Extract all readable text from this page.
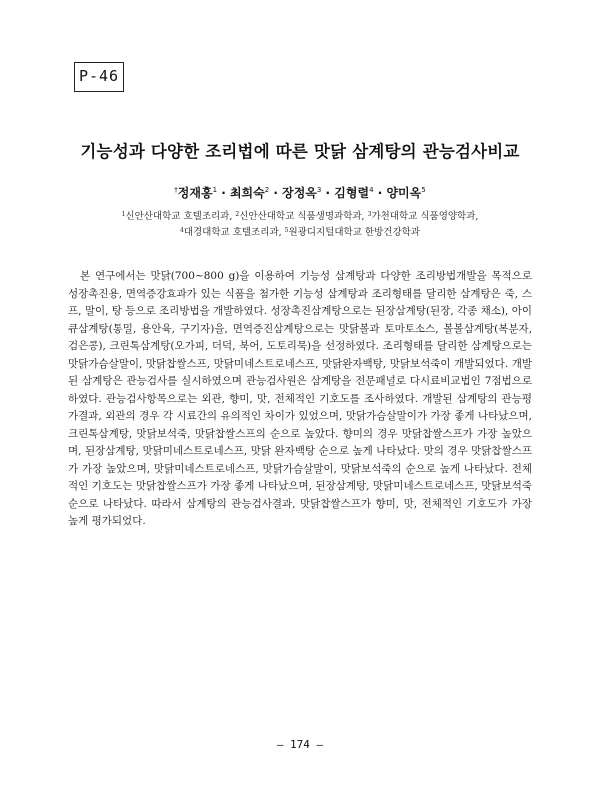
P-46
기능성과 다양한 조리법에 따른 맛닭 삼계탕의 관능검사비교
†정재홍$^1$ · 최희숙$^2$ · 장정옥$^3$ · 김형렬$^4$ · 양미옥$^5$
$^1$신안산대학교 호텔조리과, $^2$신안산대학교 식품생명과학과, $^3$가천대학교 식품영양학과,
$^4$대경대학교 호텔조리과, $^5$원광디지털대학교 한방건강학과
본 연구에서는 맛닭(700~800 g)을 이용하여 기능성 삼계탕과 다양한 조리방법개발을 목적으로 성장촉진용, 면역증강효과가 있는 식품을 첨가한 기능성 삼계탕과 조리형태를 달리한 삼계탕은 죽, 스프, 말이, 탕 등으로 조리방법을 개발하였다. 성장촉진삼계탕으로는 된장삼계탕(된장, 각종 채소), 아이큐삼계탕(통밀, 용안육, 구기자)을, 면역증진삼계탕으로는 맛닭볼과 토마토소스, 볼볼삼계탕(복분자, 검은콩), 크린톡삼계탕(오가피, 더덕, 북어, 도토리묵)을 선정하였다. 조리형태를 달리한 삼계탕으로는 맛닭가슴살말이, 맛닭찹쌀스프, 맛닭미네스트로네스프, 맛닭완자백탕, 맛닭보석죽이 개발되었다. 개발된 삼계탕은 관능검사를 실시하였으며 관능검사원은 삼계탕을 전문패널로 다시료비교법인 7점법으로 하였다. 관능검사항목으로는 외관, 향미, 맛, 전체적인 기호도를 조사하였다. 개발된 삼계탕의 관능평가결과, 외관의 경우 각 시료간의 유의적인 차이가 있었으며, 맛닭가슴살말이가 가장 좋게 나타났으며, 크린톡삼계탕, 맛닭보석죽, 맛닭찹쌀스프의 순으로 높았다. 향미의 경우 맛닭찹쌀스프가 가장 높았으며, 된장삼계탕, 맛닭미네스트로네스프, 맛닭 완자백탕 순으로 높게 나타났다. 맛의 경우 맛닭찹쌀스프가 가장 높았으며, 맛닭미네스트로네스프, 맛닭가슴살말이, 맛닭보석죽의 순으로 높게 나타났다. 전체적인 기호도는 맛닭찹쌀스프가 가장 좋게 나타났으며, 된장삼계탕, 맛닭미네스트로네스프, 맛닭보석죽 순으로 나타났다. 따라서 삼계탕의 관능검사결과, 맛닭찹쌀스프가 향미, 맛, 전체적인 기호도가 가장 높게 평가되었다.
– 174 –
